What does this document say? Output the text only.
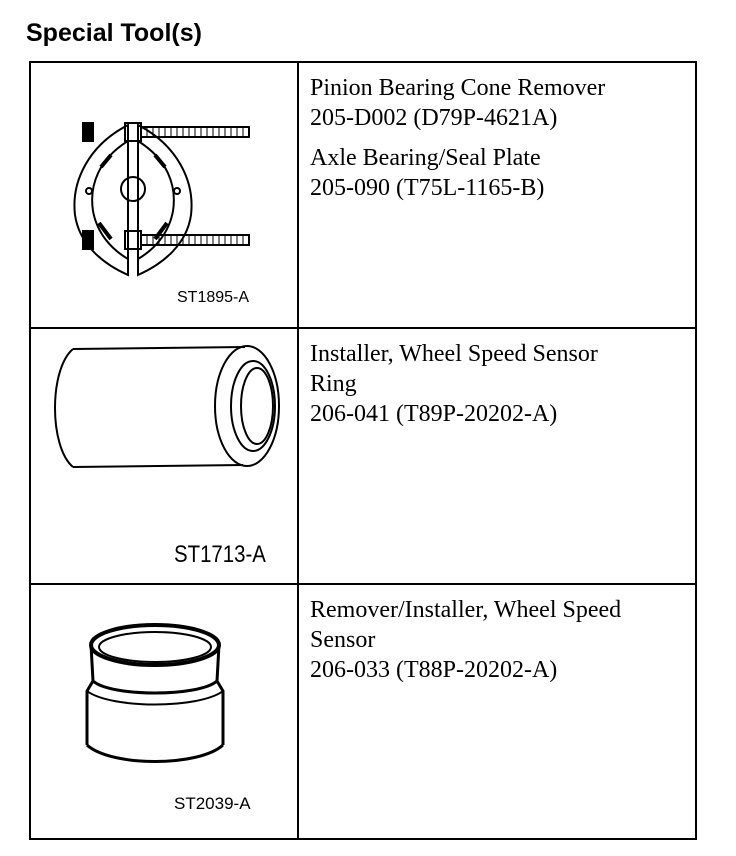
Special Tool(s)
ST1895-A
Pinion Bearing Cone Remover
205-D002 (D79P-4621A)
Axle Bearing/Seal Plate
205-090 (T75L-1165-B)
ST1713-A
Installer, Wheel Speed Sensor
Ring
206-041 (T89P-20202-A)
ST2039-A
Remover/Installer, Wheel Speed
Sensor
206-033 (T88P-20202-A)
